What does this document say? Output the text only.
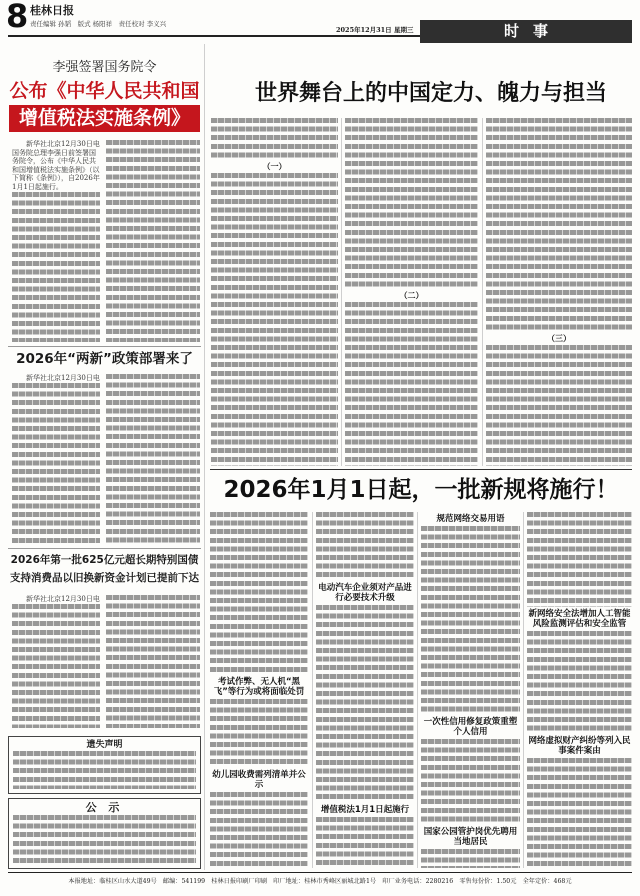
8 桂林日报
责任编辑 孙韬　版式 杨阳祥　责任校对 李义兴
2025年12月31日 星期三	时事
李强签署国务院令
公布《中华人民共和国
增值税法实施条例》

新华社北京12月30日电 国务院总理李强日前签署国务院令，公布《中华人民共和国增值税法实施条例》（以下简称《条例》），自2026年1月1日起施行。

2026年“两新”政策部署来了

新华社北京12月30日电

2026年第一批625亿元超长期特别国债
支持消费品以旧换新资金计划已提前下达

新华社北京12月30日电

遗失声明
公 示
世界舞台上的中国定力、魄力与担当
（一）
（二）
（三）
2026年1月1日起，一批新规将施行！
考试作弊、无人机“黑飞”等行为或将面临处罚
幼儿园收费需列清单并公示
电动汽车企业须对产品进行必要技术升级
增值税法1月1日起施行
规范网络交易用语
一次性信用修复政策重塑个人信用
国家公园管护岗优先聘用当地居民
新网络安全法增加人工智能风险监测评估和安全监管
网络虚拟财产纠纷等列入民事案件案由
本报地址：临桂区山水大道49号　邮编：541199　桂林日报印刷厂印刷　印厂地址：桂林市秀峰区丽城北路1号　印厂业务电话：2280216　零售每份价：1.50元　全年定价：468元
